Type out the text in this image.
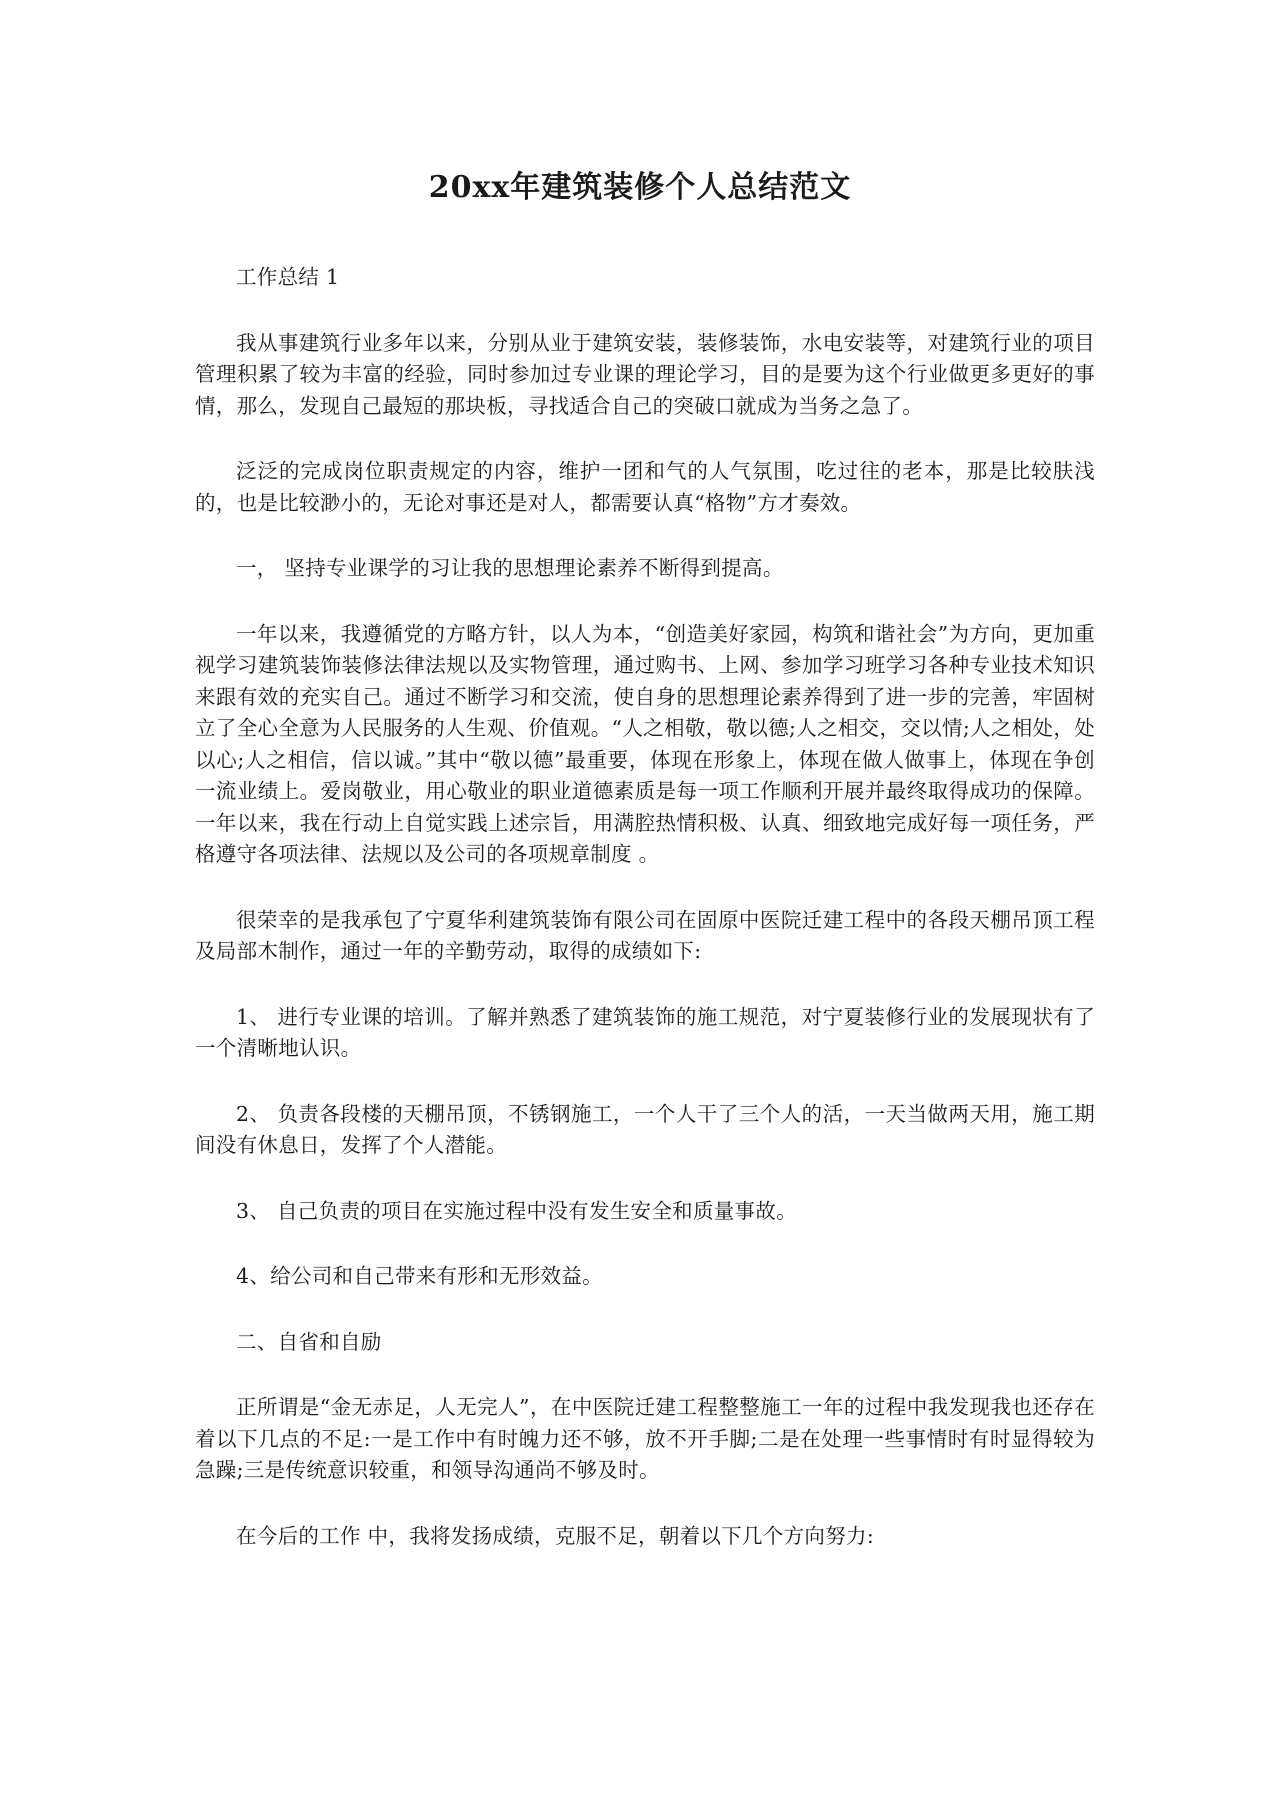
20xx年建筑装修个人总结范文

工作总结 1

我从事建筑行业多年以来，分别从业于建筑安装，装修装饰，水电安装等，对建筑行业的项目管理积累了较为丰富的经验，同时参加过专业课的理论学习，目的是要为这个行业做更多更好的事情，那么，发现自己最短的那块板，寻找适合自己的突破口就成为当务之急了。

泛泛的完成岗位职责规定的内容，维护一团和气的人气氛围，吃过往的老本，那是比较肤浅的，也是比较渺小的，无论对事还是对人，都需要认真“格物”方才奏效。

一， 坚持专业课学的习让我的思想理论素养不断得到提高。

一年以来，我遵循党的方略方针，以人为本，“创造美好家园，构筑和谐社会”为方向，更加重视学习建筑装饰装修法律法规以及实物管理，通过购书、上网、参加学习班学习各种专业技术知识来跟有效的充实自己。通过不断学习和交流，使自身的思想理论素养得到了进一步的完善，牢固树立了全心全意为人民服务的人生观、价值观。“人之相敬，敬以德;人之相交，交以情;人之相处，处以心;人之相信，信以诚。”其中“敬以德”最重要，体现在形象上，体现在做人做事上，体现在争创一流业绩上。爱岗敬业，用心敬业的职业道德素质是每一项工作顺利开展并最终取得成功的保障。一年以来，我在行动上自觉实践上述宗旨，用满腔热情积极、认真、细致地完成好每一项任务，严格遵守各项法律、法规以及公司的各项规章制度 。

很荣幸的是我承包了宁夏华利建筑装饰有限公司在固原中医院迁建工程中的各段天棚吊顶工程及局部木制作，通过一年的辛勤劳动，取得的成绩如下:

1、 进行专业课的培训。了解并熟悉了建筑装饰的施工规范，对宁夏装修行业的发展现状有了一个清晰地认识。

2、 负责各段楼的天棚吊顶，不锈钢施工，一个人干了三个人的活，一天当做两天用，施工期间没有休息日，发挥了个人潜能。

3、 自己负责的项目在实施过程中没有发生安全和质量事故。

4、给公司和自己带来有形和无形效益。

二、自省和自励

正所谓是“金无赤足，人无完人”，在中医院迁建工程整整施工一年的过程中我发现我也还存在着以下几点的不足:一是工作中有时魄力还不够，放不开手脚;二是在处理一些事情时有时显得较为急躁;三是传统意识较重，和领导沟通尚不够及时。

在今后的工作 中，我将发扬成绩，克服不足，朝着以下几个方向努力:
